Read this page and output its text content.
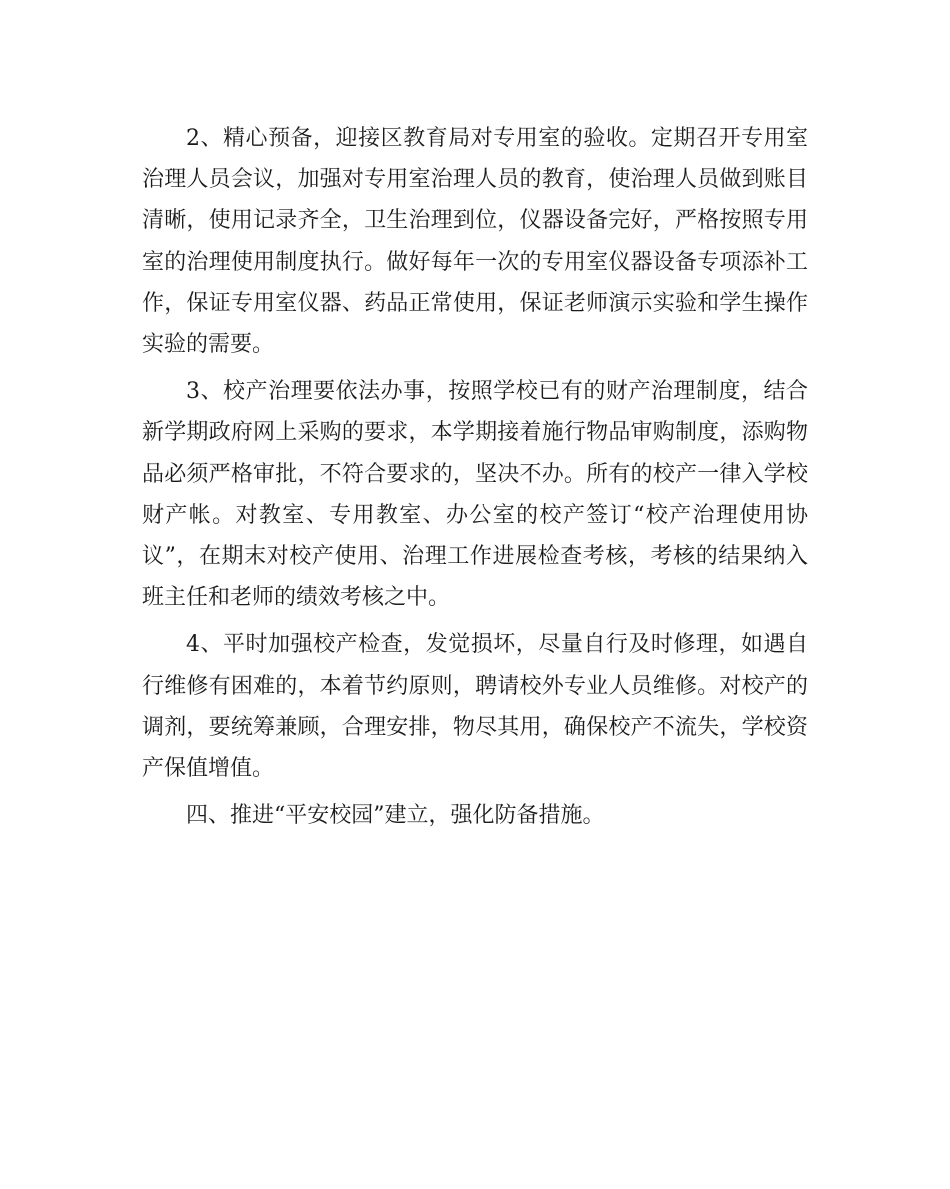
2、精心预备，迎接区教育局对专用室的验收。定期召开专用室治理人员会议，加强对专用室治理人员的教育，使治理人员做到账目清晰，使用记录齐全，卫生治理到位，仪器设备完好，严格按照专用室的治理使用制度执行。做好每年一次的专用室仪器设备专项添补工作，保证专用室仪器、药品正常使用，保证老师演示实验和学生操作实验的需要。

3、校产治理要依法办事，按照学校已有的财产治理制度，结合新学期政府网上采购的要求，本学期接着施行物品审购制度，添购物品必须严格审批，不符合要求的，坚决不办。所有的校产一律入学校财产帐。对教室、专用教室、办公室的校产签订“校产治理使用协议”，在期末对校产使用、治理工作进展检查考核，考核的结果纳入班主任和老师的绩效考核之中。

4、平时加强校产检查，发觉损坏，尽量自行及时修理，如遇自行维修有困难的，本着节约原则，聘请校外专业人员维修。对校产的调剂，要统筹兼顾，合理安排，物尽其用，确保校产不流失，学校资产保值增值。

四、推进“平安校园”建立，强化防备措施。
